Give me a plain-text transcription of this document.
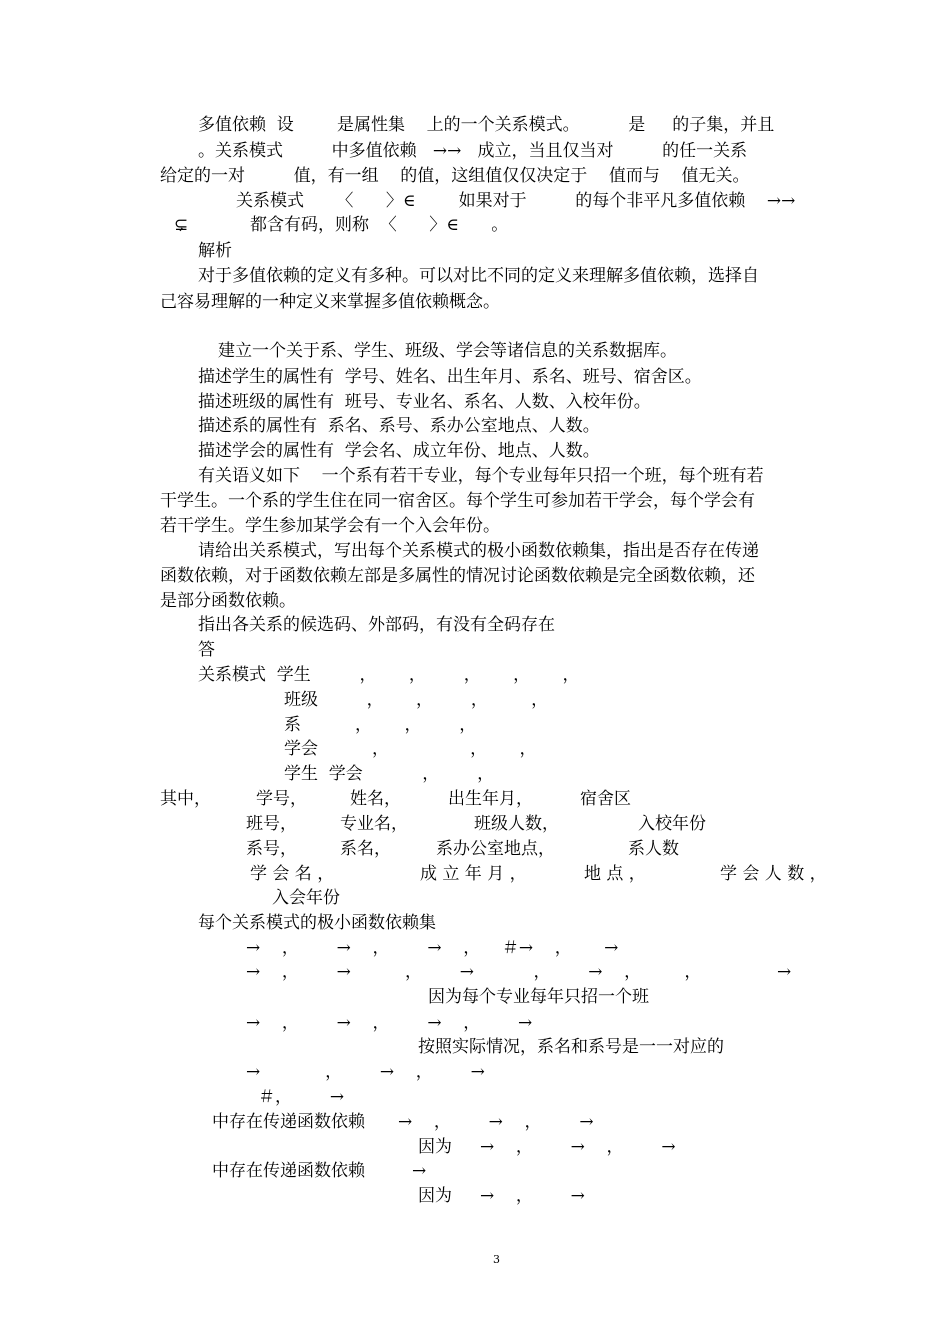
多值依赖  设        是属性集    上的一个关系模式。         是     的子集，并且
。关系模式         中多值依赖   →→   成立，当且仅当对         的任一关系
给定的一对         值，有一组    的值，这组值仅仅决定于    值而与    值无关。
关系模式      〈      〉∈        如果对于         的每个非平凡多值依赖    →→
⊊	都含有码，则称  〈      〉∈      。
解析
对于多值依赖的定义有多种。可以对比不同的定义来理解多值依赖，选择自
己容易理解的一种定义来掌握多值依赖概念。
建立一个关于系、学生、班级、学会等诸信息的关系数据库。
描述学生的属性有  学号、姓名、出生年月、系名、班号、宿舍区。
描述班级的属性有  班号、专业名、系名、人数、入校年份。
描述系的属性有  系名、系号、系办公室地点、人数。
描述学会的属性有  学会名、成立年份、地点、人数。
有关语义如下    一个系有若干专业，每个专业每年只招一个班，每个班有若
干学生。一个系的学生住在同一宿舍区。每个学生可参加若干学会，每个学会有
若干学生。学生参加某学会有一个入会年份。
请给出关系模式，写出每个关系模式的极小函数依赖集，指出是否存在传递
函数依赖，对于函数依赖左部是多属性的情况讨论函数依赖是完全函数依赖，还
是部分函数依赖。
指出各关系的候选码、外部码，有没有全码存在
答
关系模式  学生         ，      ，       ，      ，      ，
班级         ，      ，       ，        ，
系          ，      ，       ，
学会          ，               ，      ，
学生  学会           ，       ，
其中，	学号，	姓名，	出生年月，	宿舍区
班号，	专业名，	班级人数，	入校年份
系号，	系名，	系办公室地点，	系人数
学 会 名 ，	成 立 年 月 ，	地 点 ，	学 会 人 数 ，
入会年份
每个关系模式的极小函数依赖集
→    ，       →    ，       →    ，    ＃→    ，      →
→    ，       →          ，       →           ，       →    ，        ，              →
因为每个专业每年只招一个班
→    ，       →    ，       →    ，       →
按照实际情况，系名和系号是一一对应的
→            ，       →    ，       →
＃，       →
中存在传递函数依赖 →    ，       →    ，       →
因为 →    ，       →    ，       →
中存在传递函数依赖	→
因为 →    ，       →
3
